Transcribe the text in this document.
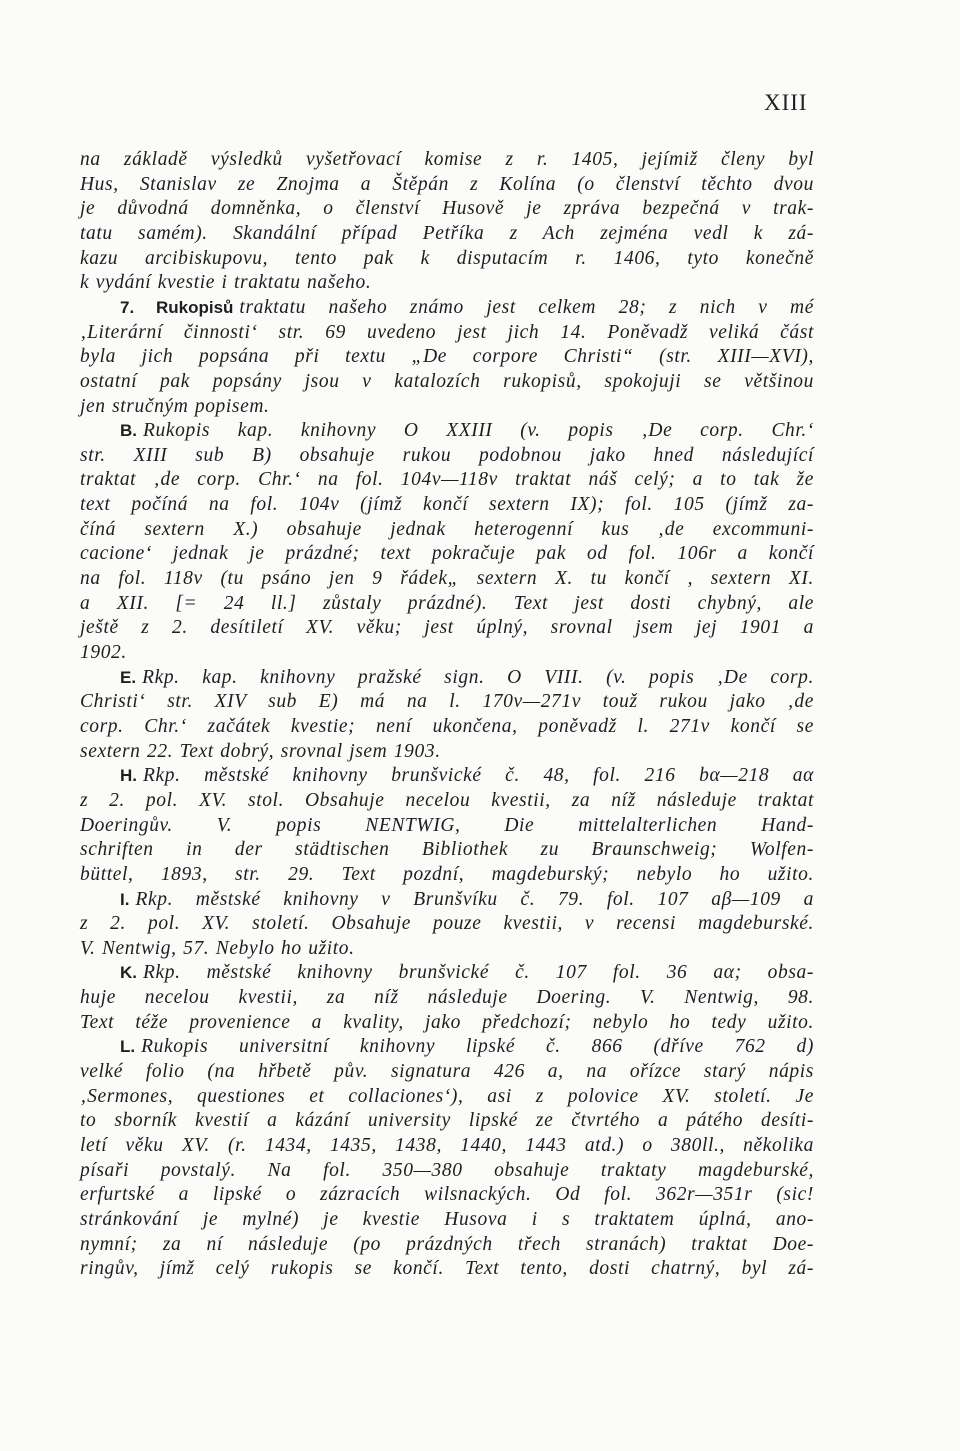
XIII
na základě výsledků vyšetřovací komise z r. 1405, jejímiž členy byl
Hus, Stanislav ze Znojma a Štěpán z Kolína (o členství těchto dvou
je důvodná domněnka, o členství Husově je zpráva bezpečná v trak-
tatu samém). Skandální případ Petříka z Ach zejména vedl k zá-
kazu arcibiskupovu, tento pak k disputacím r. 1406, tyto konečně
k vydání kvestie i traktatu našeho.
7. Rukopisů traktatu našeho známo jest celkem 28; z nich v mé
‚Literární činnosti‘ str. 69 uvedeno jest jich 14. Poněvadž veliká část
byla jich popsána při textu „De corpore Christi“ (str. XIII—XVI),
ostatní pak popsány jsou v katalozích rukopisů, spokojuji se většinou
jen stručným popisem.
B. Rukopis kap. knihovny O XXIII (v. popis ‚De corp. Chr.‘
str. XIII sub B) obsahuje rukou podobnou jako hned následující
traktat ‚de corp. Chr.‘ na fol. 104v—118v traktat náš celý; a to tak že
text počíná na fol. 104v (jímž končí sextern IX); fol. 105 (jímž za-
číná sextern X.) obsahuje jednak heterogenní kus ‚de excommuni-
cacione‘ jednak je prázdné; text pokračuje pak od fol. 106r a končí
na fol. 118v (tu psáno jen 9 řádek„ sextern X. tu končí , sextern XI.
a XII. [= 24 ll.] zůstaly prázdné). Text jest dosti chybný, ale
ještě z 2. desítiletí XV. věku; jest úplný, srovnal jsem jej 1901 a
1902.
E. Rkp. kap. knihovny pražské sign. O VIII. (v. popis ‚De corp.
Christi‘ str. XIV sub E) má na l. 170v—271v touž rukou jako ‚de
corp. Chr.‘ začátek kvestie; není ukončena, poněvadž l. 271v končí se
sextern 22. Text dobrý, srovnal jsem 1903.
H. Rkp. městské knihovny brunšvické č. 48, fol. 216 bα—218 aα
z 2. pol. XV. stol. Obsahuje necelou kvestii, za níž následuje traktat
Doeringův. V. popis NENTWIG, Die mittelalterlichen Hand-
schriften in der städtischen Bibliothek zu Braunschweig; Wolfen-
büttel, 1893, str. 29. Text pozdní, magdeburský; nebylo ho užito.
I. Rkp. městské knihovny v Brunšvíku č. 79. fol. 107 aβ—109 a
z 2. pol. XV. století. Obsahuje pouze kvestii, v recensi magdeburské.
V. Nentwig, 57. Nebylo ho užito.
K. Rkp. městské knihovny brunšvické č. 107 fol. 36 aα; obsa-
huje necelou kvestii, za níž následuje Doering. V. Nentwig, 98.
Text téže provenience a kvality, jako předchozí; nebylo ho tedy užito.
L. Rukopis universitní knihovny lipské č. 866 (dříve 762 d)
velké folio (na hřbetě pův. signatura 426 a, na ořízce starý nápis
‚Sermones, questiones et collaciones‘), asi z polovice XV. století. Je
to sborník kvestií a kázání university lipské ze čtvrtého a pátého desíti-
letí věku XV. (r. 1434, 1435, 1438, 1440, 1443 atd.) o 380ll., několika
písaři povstalý. Na fol. 350—380 obsahuje traktaty magdeburské,
erfurtské a lipské o zázracích wilsnackých. Od fol. 362r—351r (sic!
stránkování je mylné) je kvestie Husova i s traktatem úplná, ano-
nymní; za ní následuje (po prázdných třech stranách) traktat Doe-
ringův, jímž celý rukopis se končí. Text tento, dosti chatrný, byl zá-
